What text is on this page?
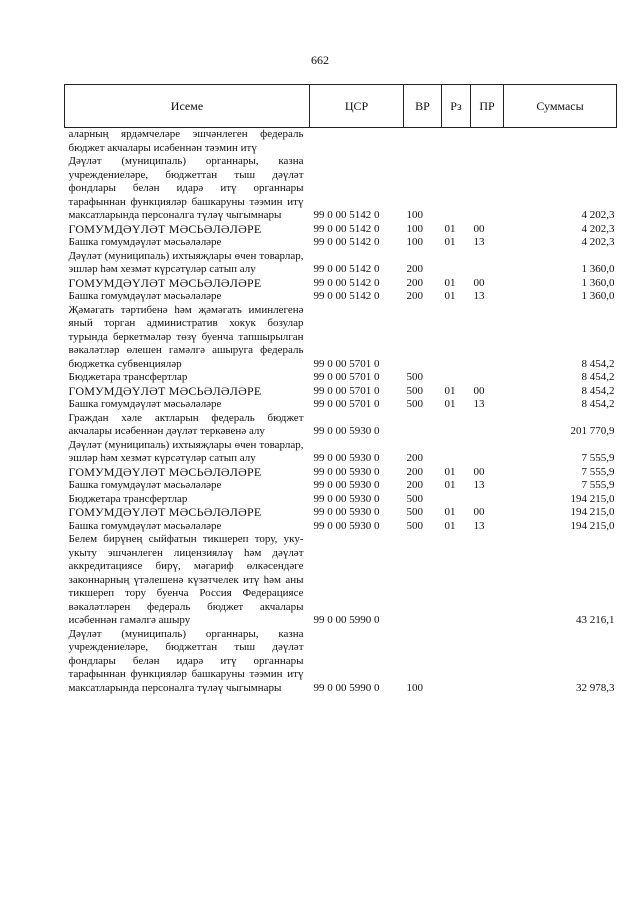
662
Исеме	ЦСР	ВР	Рз	ПР	Суммасы
аларның ярдәмчеләре эшчәнлеген федераль бюджет акчалары исәбеннән тәэмин итү					
Дәүләт (муниципаль) органнары, казна учреждениеләре, бюджеттан тыш дәүләт фондлары белән идарә итү органнары тарафыннан функцияләр башкаруны тәэмин итү максатларында персоналга түләү чыгымнары	99 0 00 5142 0	100			4 202,3
ГОМУМДӘҮЛӘТ МӘСЬӘЛӘЛӘРЕ	99 0 00 5142 0	100	01	00	4 202,3
Башка гомумдәүләт мәсьәләләре	99 0 00 5142 0	100	01	13	4 202,3
Дәүләт (муниципаль) ихтыяҗлары өчен товарлар, эшләр һәм хезмәт күрсәтүләр сатып алу	99 0 00 5142 0	200			1 360,0
ГОМУМДӘҮЛӘТ МӘСЬӘЛӘЛӘРЕ	99 0 00 5142 0	200	01	00	1 360,0
Башка гомумдәүләт мәсьәләләре	99 0 00 5142 0	200	01	13	1 360,0
Җәмәгать тәртибенә һәм җәмәгать иминлегенә яный торган административ хокук бозулар турында беркетмәләр төзү буенча тапшырылган вәкаләтләр өлешен гамәлгә ашыруга федераль бюджетка субвенцияләр	99 0 00 5701 0				8 454,2
Бюджетара трансфертлар	99 0 00 5701 0	500			8 454,2
ГОМУМДӘҮЛӘТ МӘСЬӘЛӘЛӘРЕ	99 0 00 5701 0	500	01	00	8 454,2
Башка гомумдәүләт мәсьәләләре	99 0 00 5701 0	500	01	13	8 454,2
Граждан хәле актларын федераль бюджет акчалары исәбеннән дәүләт теркәвенә алу	99 0 00 5930 0				201 770,9
Дәүләт (муниципаль) ихтыяҗлары өчен товарлар, эшләр һәм хезмәт күрсәтүләр сатып алу	99 0 00 5930 0	200			7 555,9
ГОМУМДӘҮЛӘТ МӘСЬӘЛӘЛӘРЕ	99 0 00 5930 0	200	01	00	7 555,9
Башка гомумдәүләт мәсьәләләре	99 0 00 5930 0	200	01	13	7 555,9
Бюджетара трансфертлар	99 0 00 5930 0	500			194 215,0
ГОМУМДӘҮЛӘТ МӘСЬӘЛӘЛӘРЕ	99 0 00 5930 0	500	01	00	194 215,0
Башка гомумдәүләт мәсьәләләре	99 0 00 5930 0	500	01	13	194 215,0
Белем бирүнең сыйфатын тикшереп тору, уку-укыту эшчәнлеген лицензияләү һәм дәүләт аккредитациясе бирү, мәгариф өлкәсендәге законнарның үтәлешенә күзәтчелек итү һәм аны тикшереп тору буенча Россия Федерациясе вәкаләтләрен федераль бюджет акчалары исәбеннән гамәлгә ашыру	99 0 00 5990 0				43 216,1
Дәүләт (муниципаль) органнары, казна учреждениеләре, бюджеттан тыш дәүләт фондлары белән идарә итү органнары тарафыннан функцияләр башкаруны тәэмин итү максатларында персоналга түләү чыгымнары	99 0 00 5990 0	100			32 978,3
